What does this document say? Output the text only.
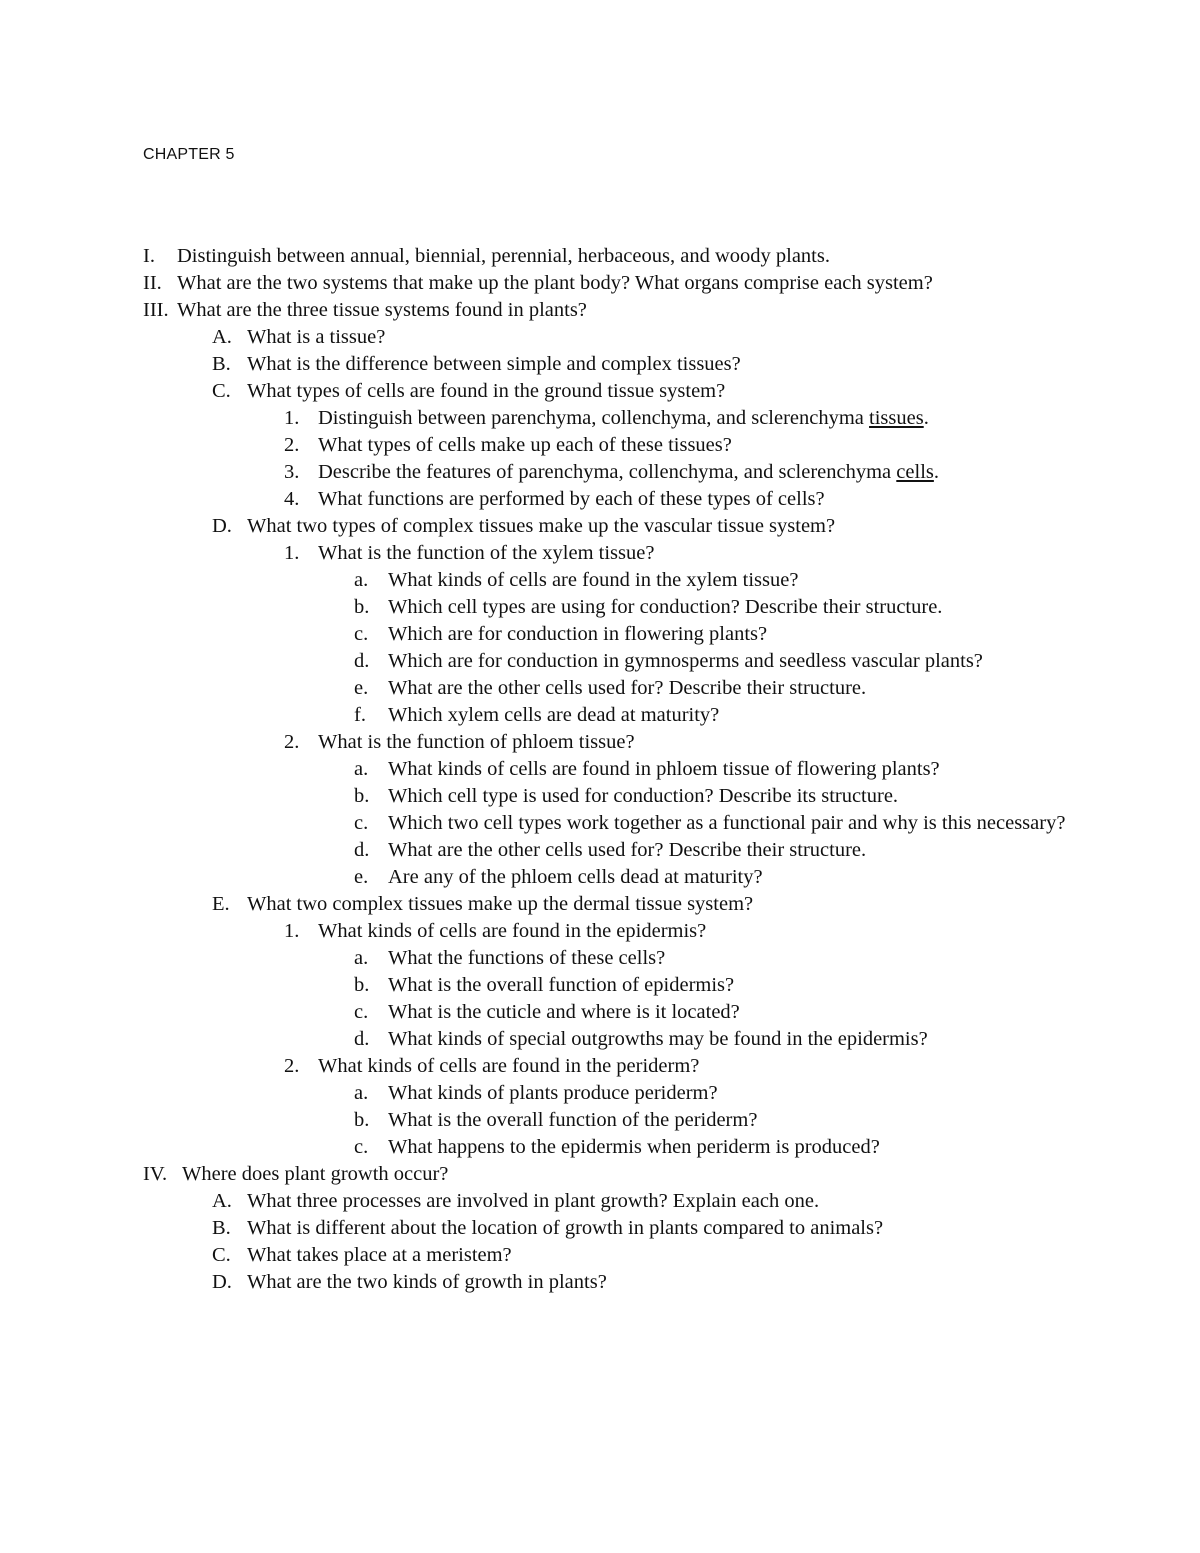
CHAPTER 5
I. Distinguish between annual, biennial, perennial, herbaceous, and woody plants.
II. What are the two systems that make up the plant body? What organs comprise each system?
III. What are the three tissue systems found in plants?
A. What is a tissue?
B. What is the difference between simple and complex tissues?
C. What types of cells are found in the ground tissue system?
1. Distinguish between parenchyma, collenchyma, and sclerenchyma tissues.
2. What types of cells make up each of these tissues?
3. Describe the features of parenchyma, collenchyma, and sclerenchyma cells.
4. What functions are performed by each of these types of cells?
D. What two types of complex tissues make up the vascular tissue system?
1. What is the function of the xylem tissue?
a. What kinds of cells are found in the xylem tissue?
b. Which cell types are using for conduction? Describe their structure.
c. Which are for conduction in flowering plants?
d. Which are for conduction in gymnosperms and seedless vascular plants?
e. What are the other cells used for? Describe their structure.
f. Which xylem cells are dead at maturity?
2. What is the function of phloem tissue?
a. What kinds of cells are found in phloem tissue of flowering plants?
b. Which cell type is used for conduction? Describe its structure.
c. Which two cell types work together as a functional pair and why is this necessary?
d. What are the other cells used for? Describe their structure.
e. Are any of the phloem cells dead at maturity?
E. What two complex tissues make up the dermal tissue system?
1. What kinds of cells are found in the epidermis?
a. What the functions of these cells?
b. What is the overall function of epidermis?
c. What is the cuticle and where is it located?
d. What kinds of special outgrowths may be found in the epidermis?
2. What kinds of cells are found in the periderm?
a. What kinds of plants produce periderm?
b. What is the overall function of the periderm?
c. What happens to the epidermis when periderm is produced?
IV. Where does plant growth occur?
A. What three processes are involved in plant growth? Explain each one.
B. What is different about the location of growth in plants compared to animals?
C. What takes place at a meristem?
D. What are the two kinds of growth in plants?
